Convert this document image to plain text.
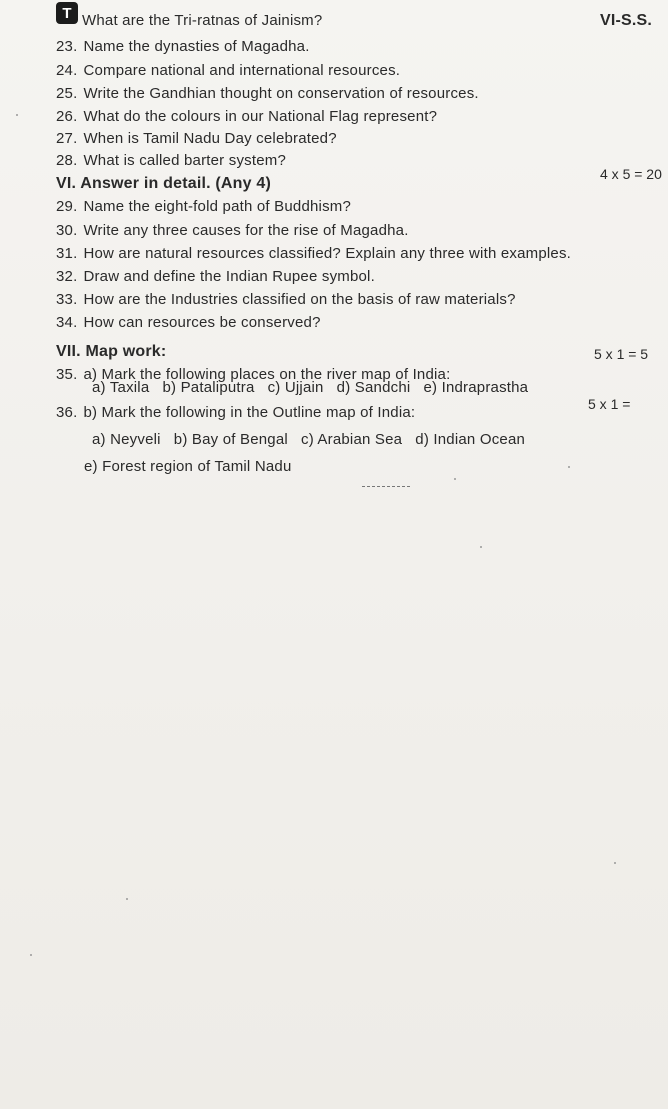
T What are the Tri-ratnas of Jainism?	VI-S.S.
23. Name the dynasties of Magadha.
24. Compare national and international resources.
25. Write the Gandhian thought on conservation of resources.
26. What do the colours in our National Flag represent?
27. When is Tamil Nadu Day celebrated?
28. What is called barter system?
VI. Answer in detail. (Any 4)
4 x 5 = 20
29. Name the eight-fold path of Buddhism?
30. Write any three causes for the rise of Magadha.
31. How are natural resources classified? Explain any three with examples.
32. Draw and define the Indian Rupee symbol.
33. How are the Industries classified on the basis of raw materials?
34. How can resources be conserved?
VII. Map work:
35. a) Mark the following places on the river map of India:
5 x 1 = 5
a) Taxila   b) Pataliputra   c) Ujjain   d) Sandchi   e) Indraprastha
36. b) Mark the following in the Outline map of India:	5 x 1 =
a) Neyveli   b) Bay of Bengal   c) Arabian Sea   d) Indian Ocean
e) Forest region of Tamil Nadu
